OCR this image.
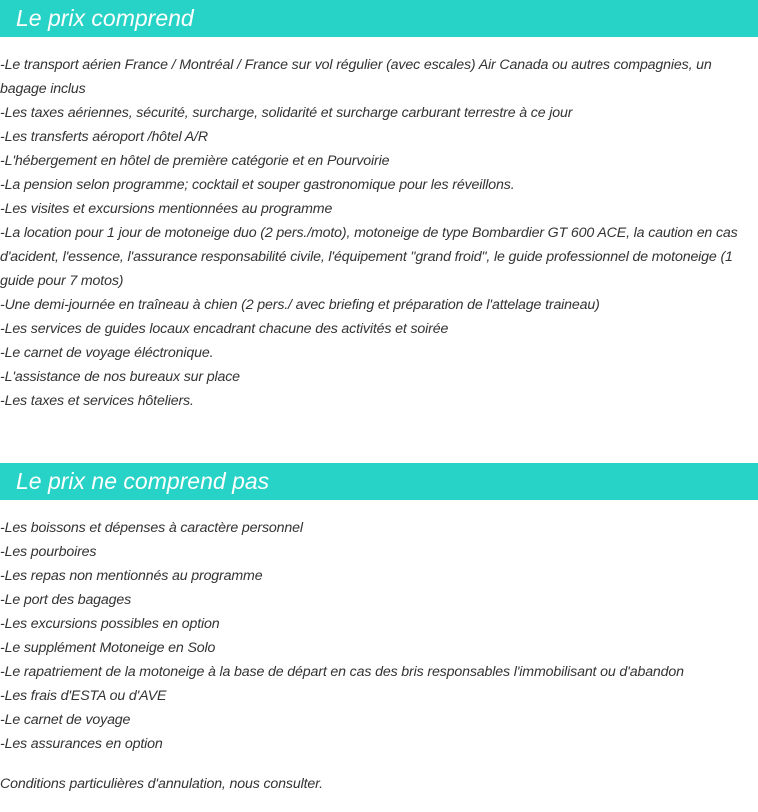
Le prix comprend
-Le transport aérien France / Montréal / France sur vol régulier (avec escales) Air Canada ou autres compagnies, un bagage inclus
-Les taxes aériennes, sécurité, surcharge, solidarité et surcharge carburant terrestre à ce jour
-Les transferts aéroport /hôtel A/R
-L'hébergement en hôtel de première catégorie et en Pourvoirie
-La pension selon programme; cocktail et souper gastronomique pour les réveillons.
-Les visites et excursions mentionnées au programme
-La location pour 1 jour de motoneige duo (2 pers./moto), motoneige de type Bombardier GT 600 ACE, la caution en cas d'acident, l'essence, l'assurance responsabilité civile, l'équipement "grand froid", le guide professionnel de motoneige (1 guide pour 7 motos)
-Une demi-journée en traîneau à chien (2 pers./ avec briefing et préparation de l'attelage traineau)
-Les services de guides locaux encadrant chacune des activités et soirée
-Le carnet de voyage éléctronique.
-L'assistance de nos bureaux sur place
-Les taxes et services hôteliers.
Le prix ne comprend pas
-Les boissons et dépenses à caractère personnel
-Les pourboires
-Les repas non mentionnés au programme
-Le port des bagages
-Les excursions possibles en option
-Le supplément Motoneige en Solo
-Le rapatriement de la motoneige à la base de départ en cas des bris responsables l'immobilisant ou d'abandon
-Les frais d'ESTA ou d'AVE
-Le carnet de voyage
-Les assurances en option
Conditions particulières d'annulation, nous consulter.
